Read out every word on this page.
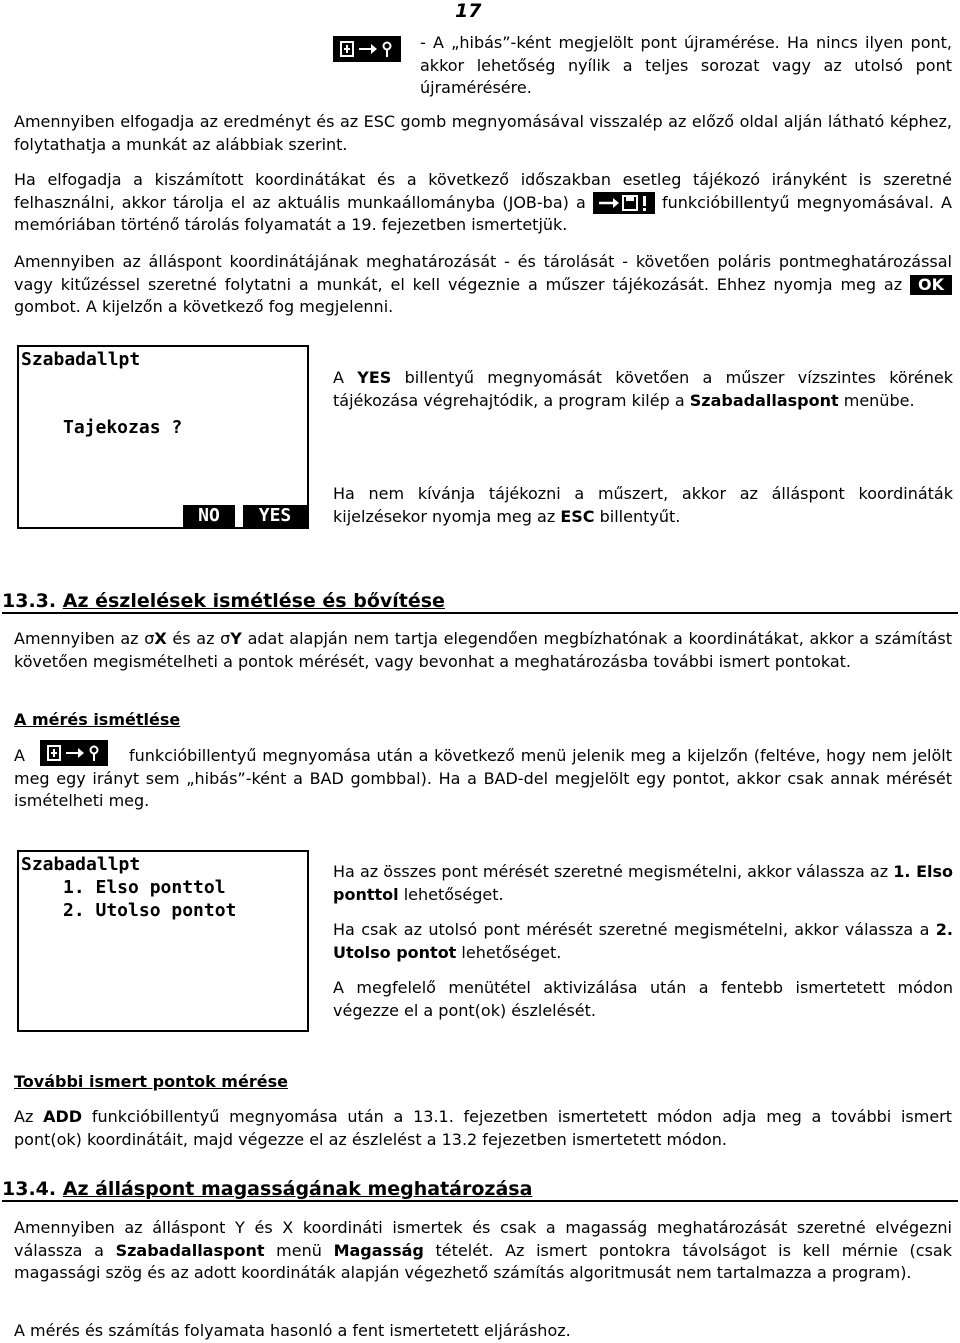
17

- A „hibás”-ként megjelölt pont újramérése. Ha nincs ilyen pont, akkor lehetőség nyílik a teljes sorozat vagy az utolsó pont újramérésére.

Amennyiben elfogadja az eredményt és az ESC gomb megnyomásával visszalép az előző oldal alján látható képhez, folytathatja a munkát az alábbiak szerint.

Ha elfogadja a kiszámított koordinátákat és a következő időszakban esetleg tájékozó irányként is szeretné felhasználni, akkor tárolja el az aktuális munkaállományba (JOB-ba) a	funkcióbillentyű megnyomásával. A memóriában történő tárolás folyamatát a 19. fejezetben ismertetjük.

Amennyiben az álláspont koordinátájának meghatározását - és tárolását - követően poláris pontmeghatározással vagy kitűzéssel szeretné folytatni a munkát, el kell végeznie a műszer tájékozását. Ehhez nyomja meg az OK gombot. A kijelzőn a következő fog megjelenni.

Szabadallpt
Tajekozas ?
NO	YES

A YES billentyű megnyomását követően a műszer vízszintes körének tájékozása végrehajtódik, a program kilép a Szabadallaspont menübe.

Ha nem kívánja tájékozni a műszert, akkor az álláspont koordináták kijelzésekor nyomja meg az ESC billentyűt.

13.3. Az észlelések ismétlése és bővítése

Amennyiben az σX és az σY adat alapján nem tartja elegendően megbízhatónak a koordinátákat, akkor a számítást követően megismételheti a pontok mérését, vagy bevonhat a meghatározásba további ismert pontokat.

A mérés ismétlése

A	funkcióbillentyű megnyomása után a következő menü jelenik meg a kijelzőn (feltéve, hogy nem jelölt meg egy irányt sem „hibás”-ként a BAD gombbal). Ha a BAD-del megjelölt egy pontot, akkor csak annak mérését ismételheti meg.

Szabadallpt
1. Elso ponttol
2. Utolso pontot

Ha az összes pont mérését szeretné megismételni, akkor válassza az 1. Elso ponttol lehetőséget.

Ha csak az utolsó pont mérését szeretné megismételni, akkor válassza a 2. Utolso pontot lehetőséget.

A megfelelő menütétel aktivizálása után a fentebb ismertetett módon végezze el a pont(ok) észlelését.

További ismert pontok mérése

Az ADD funkcióbillentyű megnyomása után a 13.1. fejezetben ismertetett módon adja meg a további ismert pont(ok) koordinátáit, majd végezze el az észlelést a 13.2 fejezetben ismertetett módon.

13.4. Az álláspont magasságának meghatározása

Amennyiben az álláspont Y és X koordináti ismertek és csak a magasság meghatározását szeretné elvégezni válassza a Szabadallaspont menü Magasság tételét. Az ismert pontokra távolságot is kell mérnie (csak magassági szög és az adott koordináták alapján végezhető számítás algoritmusát nem tartalmazza a program).

A mérés és számítás folyamata hasonló a fent ismertetett eljáráshoz.
